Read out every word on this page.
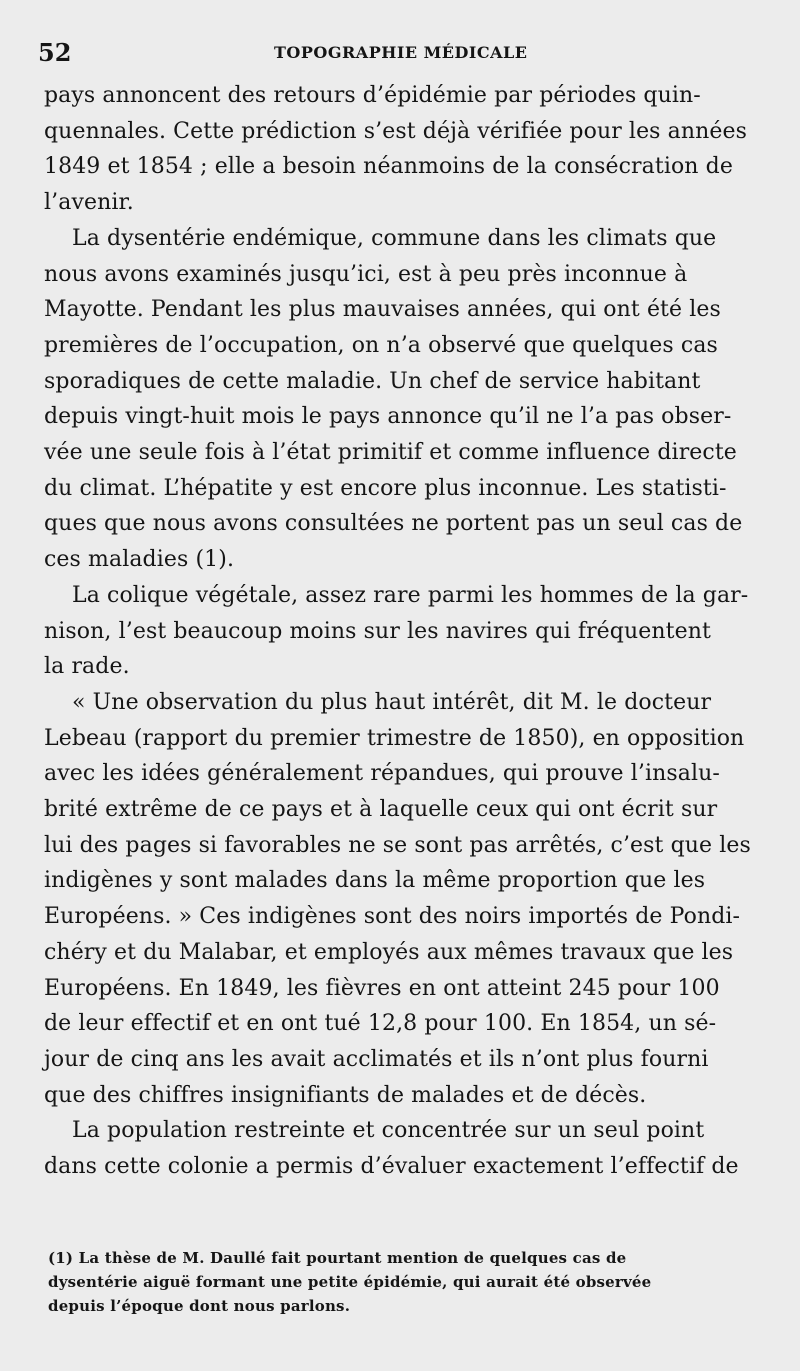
52	TOPOGRAPHIE MÉDICALE

pays annoncent des retours d’épidémie par périodes quin-
quennales. Cette prédiction s’est déjà vérifiée pour les années
1849 et 1854 ; elle a besoin néanmoins de la consécration de
l’avenir.

La dysentérie endémique, commune dans les climats que
nous avons examinés jusqu’ici, est à peu près inconnue à
Mayotte. Pendant les plus mauvaises années, qui ont été les
premières de l’occupation, on n’a observé que quelques cas
sporadiques de cette maladie. Un chef de service habitant
depuis vingt-huit mois le pays annonce qu’il ne l’a pas obser-
vée une seule fois à l’état primitif et comme influence directe
du climat. L’hépatite y est encore plus inconnue. Les statisti-
ques que nous avons consultées ne portent pas un seul cas de
ces maladies (1).

La colique végétale, assez rare parmi les hommes de la gar-
nison, l’est beaucoup moins sur les navires qui fréquentent
la rade.

« Une observation du plus haut intérêt, dit M. le docteur
Lebeau (rapport du premier trimestre de 1850), en opposition
avec les idées généralement répandues, qui prouve l’insalu-
brité extrême de ce pays et à laquelle ceux qui ont écrit sur
lui des pages si favorables ne se sont pas arrêtés, c’est que les
indigènes y sont malades dans la même proportion que les
Européens. » Ces indigènes sont des noirs importés de Pondi-
chéry et du Malabar, et employés aux mêmes travaux que les
Européens. En 1849, les fièvres en ont atteint 245 pour 100
de leur effectif et en ont tué 12,8 pour 100. En 1854, un sé-
jour de cinq ans les avait acclimatés et ils n’ont plus fourni
que des chiffres insignifiants de malades et de décès.

La population restreinte et concentrée sur un seul point
dans cette colonie a permis d’évaluer exactement l’effectif de

(1) La thèse de M. Daullé fait pourtant mention de quelques cas de
dysentérie aiguë formant une petite épidémie, qui aurait été observée
depuis l’époque dont nous parlons.
